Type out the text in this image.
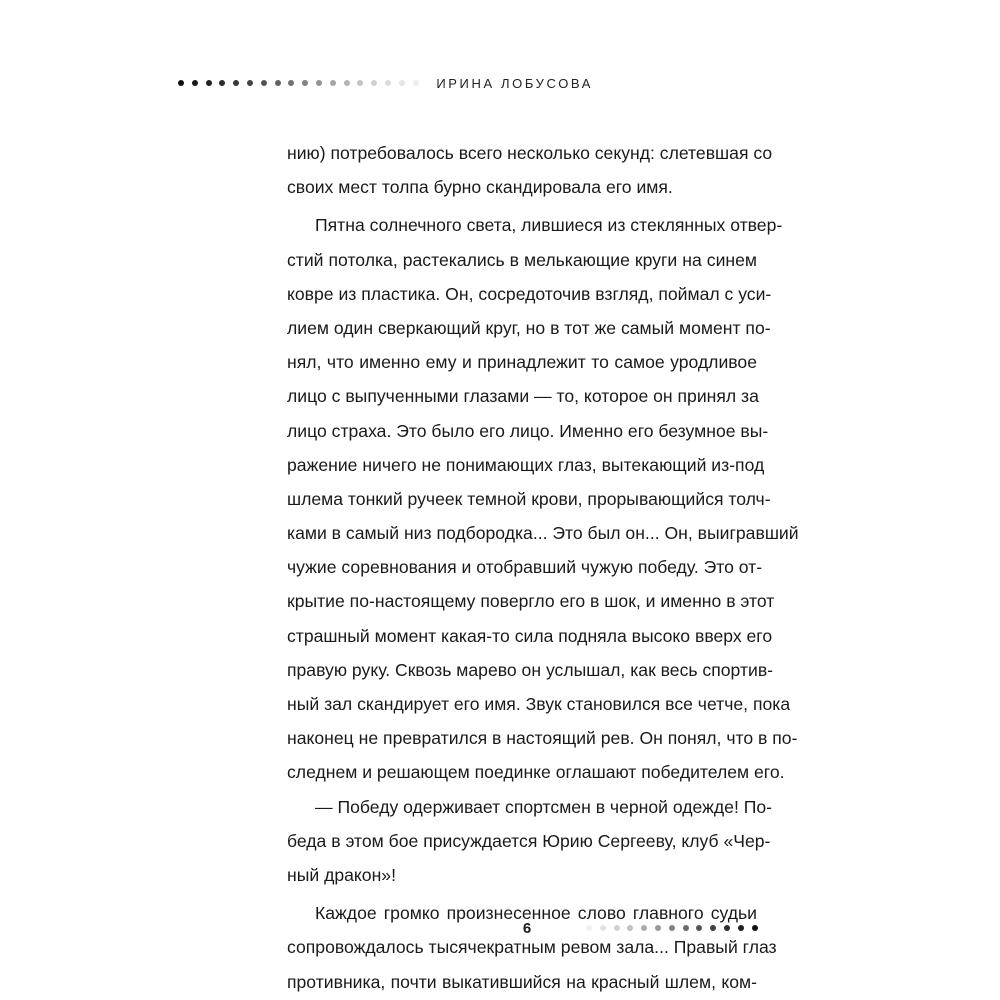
ИРИНА ЛОБУСОВА

нию) потребовалось всего несколько секунд: слетевшая со
своих мест толпа бурно скандировала его имя.

Пятна солнечного света, лившиеся из стеклянных отвер-
стий потолка, растекались в мелькающие круги на синем
ковре из пластика. Он, сосредоточив взгляд, поймал с уси-
лием один сверкающий круг, но в тот же самый момент по-
нял, что именно ему и принадлежит то самое уродливое
лицо с выпученными глазами — то, которое он принял за
лицо страха. Это было его лицо. Именно его безумное вы-
ражение ничего не понимающих глаз, вытекающий из-под
шлема тонкий ручеек темной крови, прорывающийся толч-
ками в самый низ подбородка... Это был он... Он, выигравший
чужие соревнования и отобравший чужую победу. Это от-
крытие по-настоящему повергло его в шок, и именно в этот
страшный момент какая-то сила подняла высоко вверх его
правую руку. Сквозь марево он услышал, как весь спортив-
ный зал скандирует его имя. Звук становился все четче, пока
наконец не превратился в настоящий рев. Он понял, что в по-
следнем и решающем поединке оглашают победителем его.

— Победу одерживает спортсмен в черной одежде! По-
беда в этом бое присуждается Юрию Сергееву, клуб «Чер-
ный дракон»!

Каждое громко произнесенное слово главного судьи
сопровождалось тысячекратным ревом зала... Правый глаз
противника, почти выкатившийся на красный шлем, ком-

6
